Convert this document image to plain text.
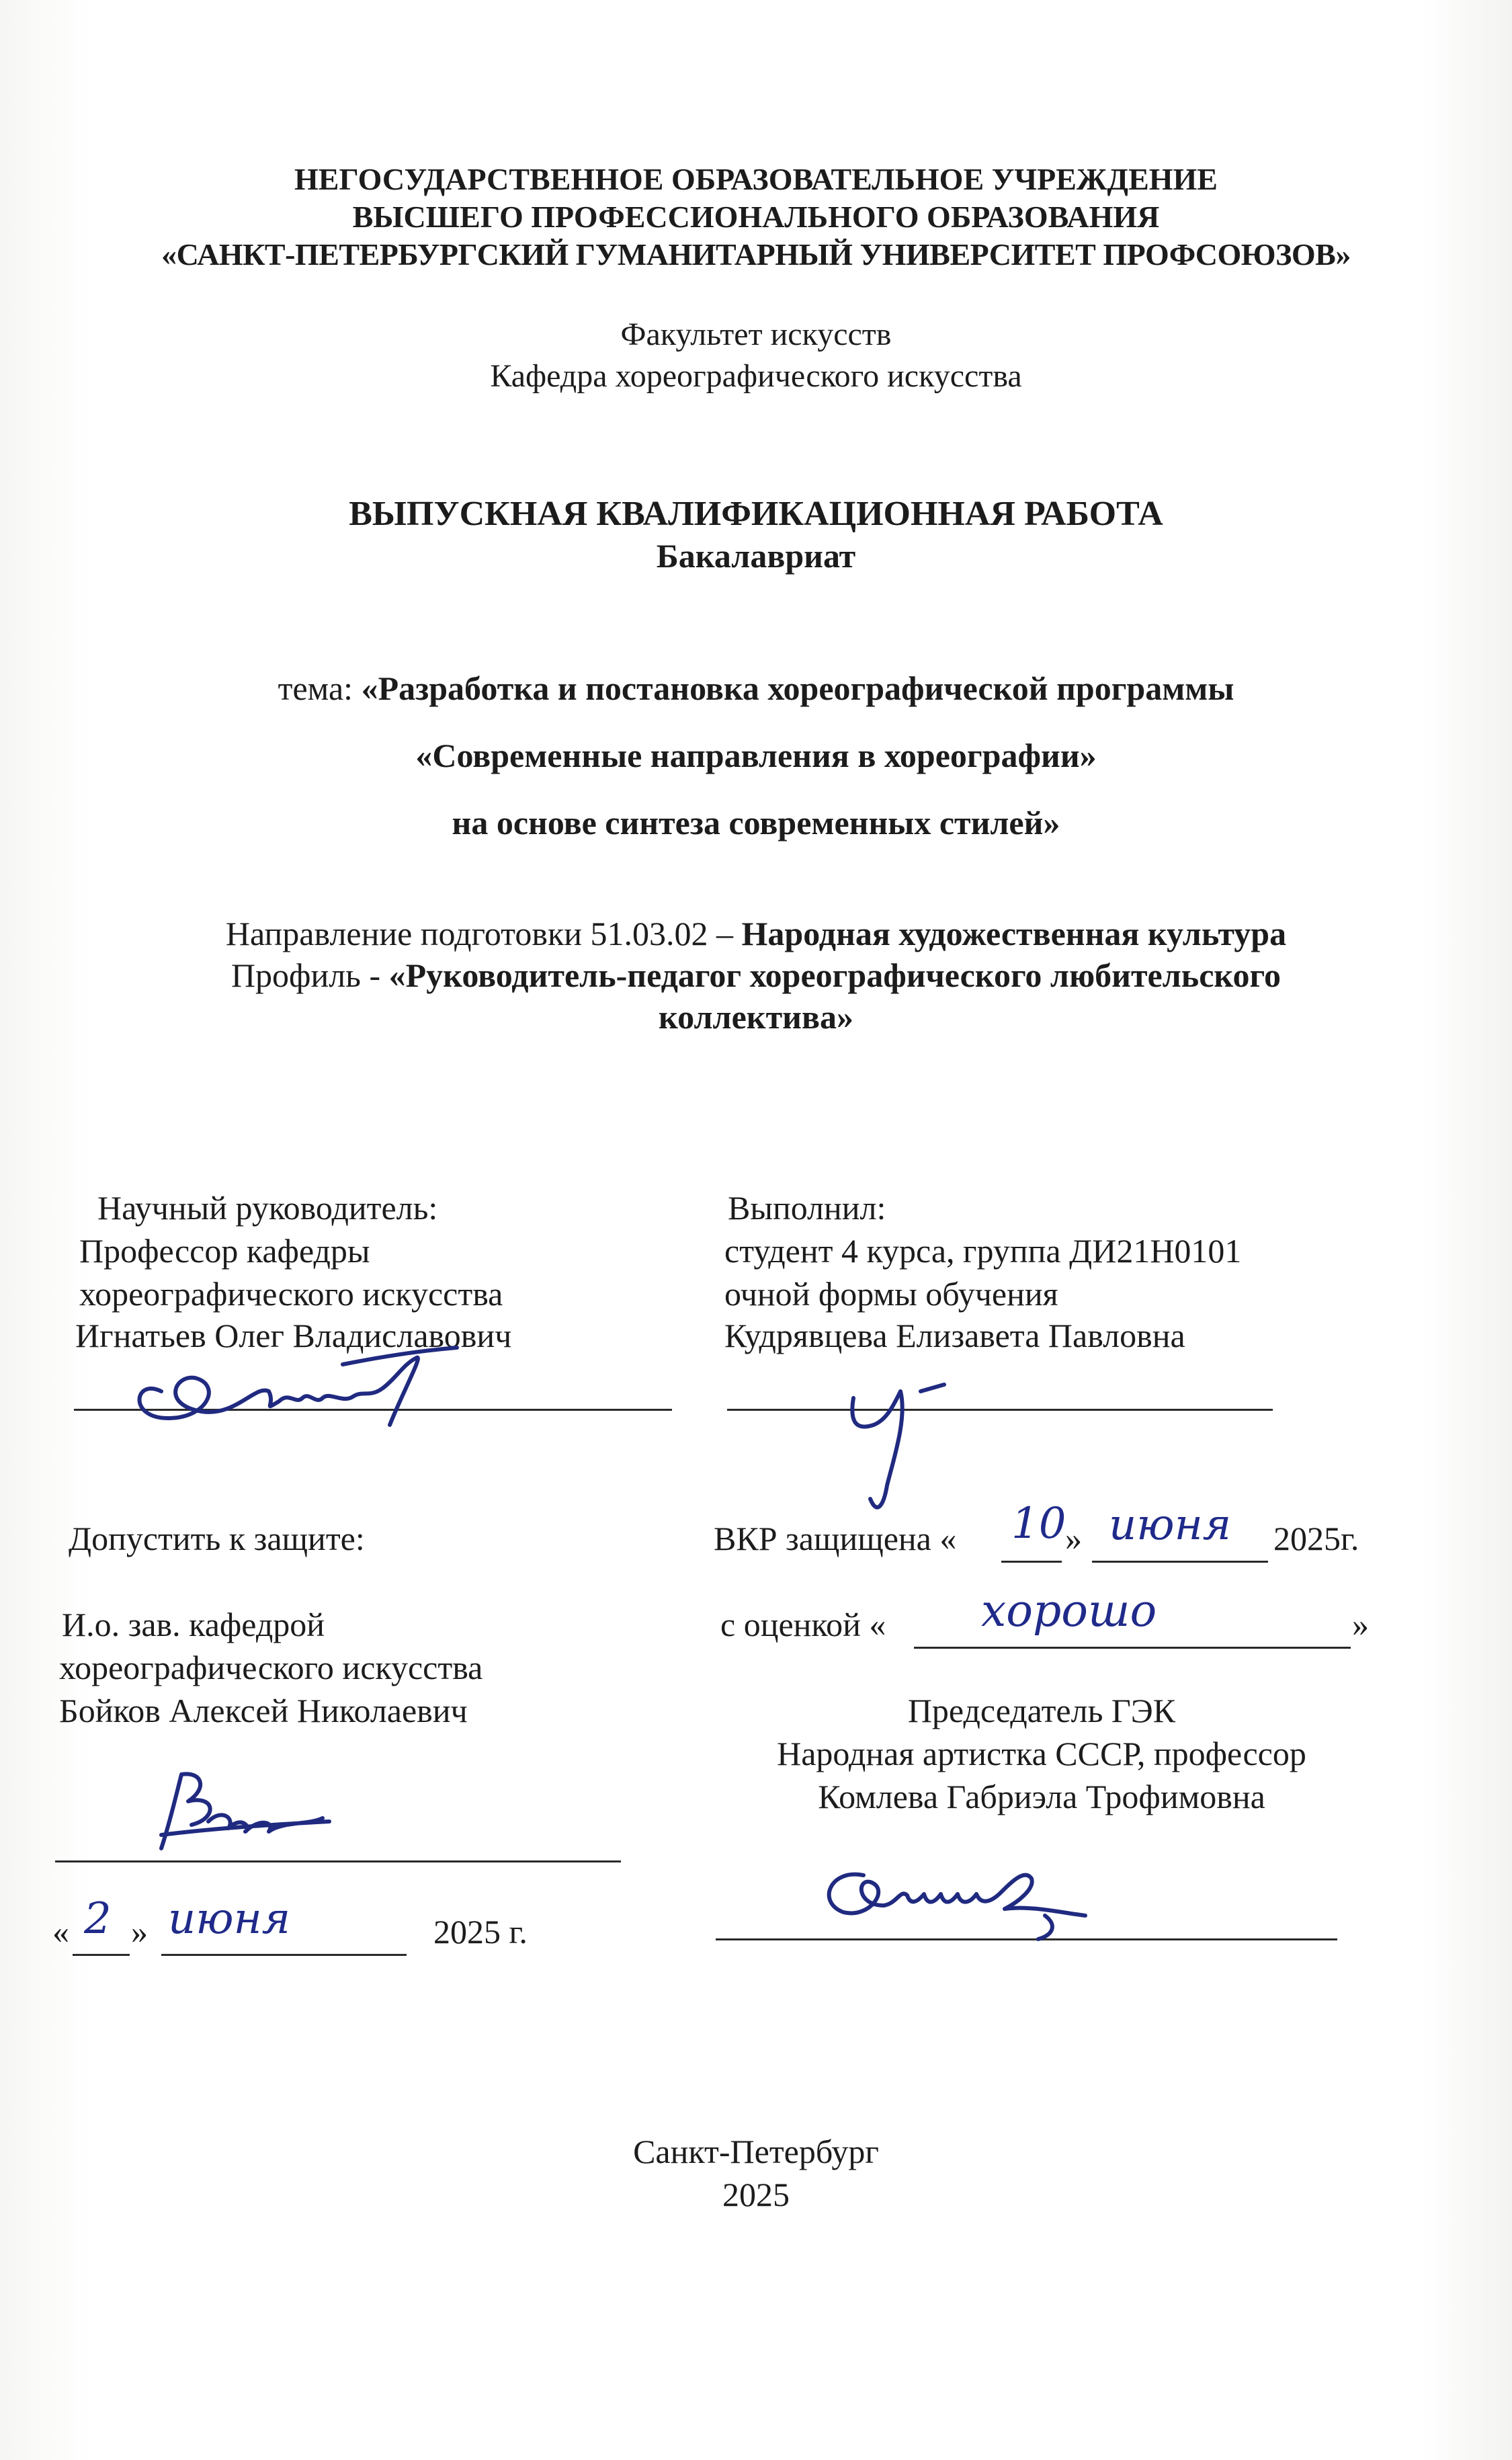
НЕГОСУДАРСТВЕННОЕ ОБРАЗОВАТЕЛЬНОЕ УЧРЕЖДЕНИЕ
ВЫСШЕГО ПРОФЕССИОНАЛЬНОГО ОБРАЗОВАНИЯ
«САНКТ-ПЕТЕРБУРГСКИЙ ГУМАНИТАРНЫЙ УНИВЕРСИТЕТ ПРОФСОЮЗОВ»
Факультет искусств
Кафедра хореографического искусства
ВЫПУСКНАЯ КВАЛИФИКАЦИОННАЯ РАБОТА
Бакалавриат
тема: «Разработка и постановка хореографической программы
«Современные направления в хореографии»
на основе синтеза современных стилей»
Направление подготовки 51.03.02 – Народная художественная культура
Профиль - «Руководитель-педагог хореографического любительского
коллектива»
Научный руководитель:
Профессор кафедры
хореографического искусства
Игнатьев Олег Владиславович
Выполнил:
студент 4 курса, группа ДИ21Н0101
очной формы обучения
Кудрявцева Елизавета Павловна
Допустить к защите:
И.о. зав. кафедрой
хореографического искусства
Бойков Алексей Николаевич
« 2 » июня	2025 г.
ВКР защищена « 10
» июня 2025г.
с оценкой « хорошо	»
Председатель ГЭК
Народная артистка СССР, профессор
Комлева Габриэла Трофимовна
Санкт-Петербург
2025
